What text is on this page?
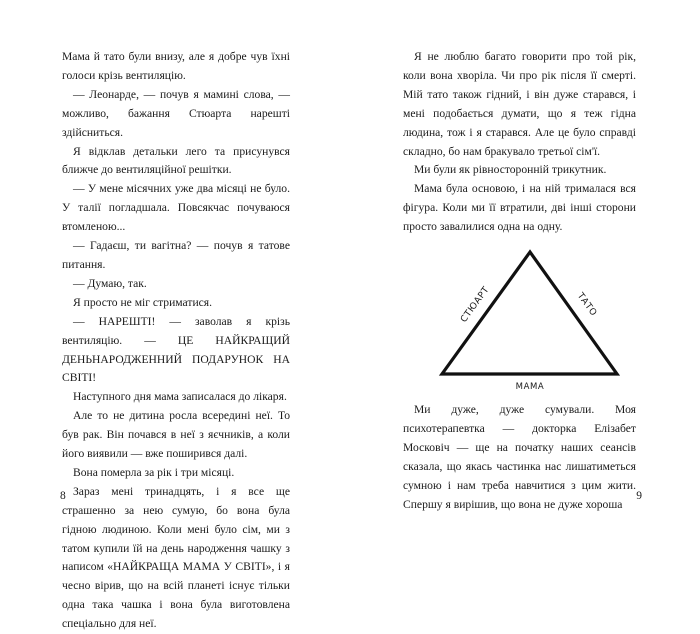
Мама й тато були внизу, але я добре чув їхні голоси крізь вентиляцію.

— Леонарде, — почув я мамині слова, — можливо, бажання Стюарта нарешті здійсниться.

Я відклав детальки лего та присунувся ближче до вентиляційної решітки.

— У мене місячних уже два місяці не було. У талії погладшала. Повсякчас почуваюся втомленою...

— Гадаєш, ти вагітна? — почув я татове питання.

— Думаю, так.

Я просто не міг стриматися.

— НАРЕШТІ! — заволав я крізь вентиляцію. — ЦЕ НАЙКРАЩИЙ ДЕНЬНАРОДЖЕННИЙ ПОДАРУНОК НА СВІТІ!

Наступного дня мама записалася до лікаря.

Але то не дитина росла всередині неї. То був рак. Він почався в неї з яєчників, а коли його виявили — вже поширився далі.

Вона померла за рік і три місяці.

Зараз мені тринадцять, і я все ще страшенно за нею сумую, бо вона була гідною людиною. Коли мені було сім, ми з татом купили їй на день народження чашку з написом «НАЙКРАЩА МАМА У СВІТІ», і я чесно вірив, що на всій планеті існує тільки одна така чашка і вона була виготовлена спеціально для неї.

8

Я не люблю багато говорити про той рік, коли вона хворіла. Чи про рік після її смерті. Мій тато також гідний, і він дуже старався, і мені подобається думати, що я теж гідна людина, тож і я старався. Але це було справді складно, бо нам бракувало третьої сім'ї.

Ми були як рівносторонній трикутник.

Мама була основою, і на ній трималася вся фігура. Коли ми її втратили, дві інші сторони просто завалилися одна на одну.

СТЮАРТ	ТАТО
МАМА

Ми дуже, дуже сумували. Моя психотерапевтка — докторка Елізабет Московіч — ще на початку наших сеансів сказала, що якась частинка нас лишатиметься сумною і нам треба навчитися з цим жити. Спершу я вирішив, що вона не дуже хороша

9
